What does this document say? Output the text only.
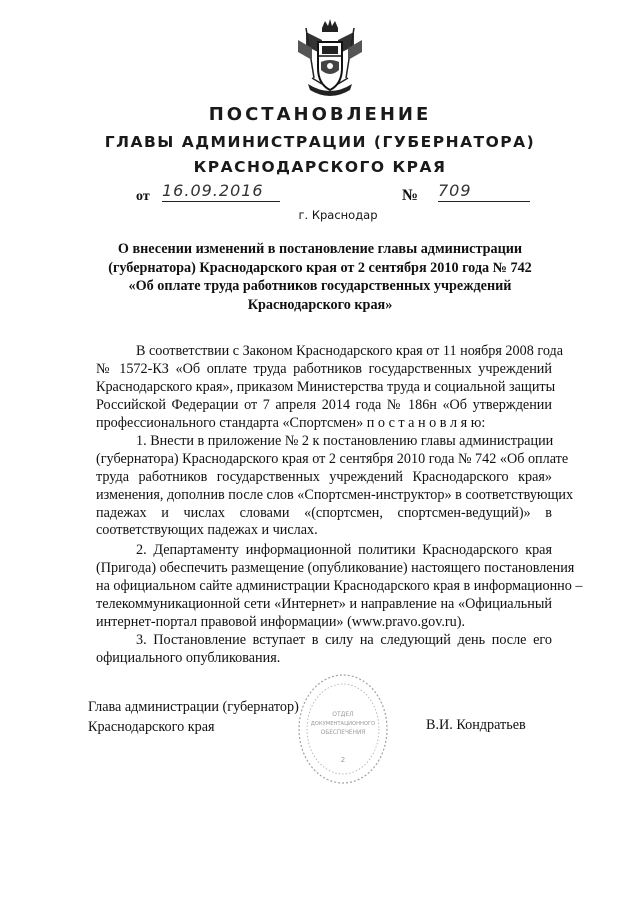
ПОСТАНОВЛЕНИЕ
ГЛАВЫ АДМИНИСТРАЦИИ (ГУБЕРНАТОРА)
КРАСНОДАРСКОГО КРАЯ
от 16.09.2016	№ 709
г. Краснодар
О внесении изменений в постановление главы администрации
(губернатора) Краснодарского края от 2 сентября 2010 года № 742
«Об оплате труда работников государственных учреждений
Краснодарского края»
В соответствии с Законом Краснодарского края от 11 ноября 2008 года
№ 1572-КЗ «Об оплате труда работников государственных учреждений
Краснодарского края», приказом Министерства труда и социальной защиты
Российской Федерации от 7 апреля 2014 года № 186н «Об утверждении
профессионального стандарта «Спортсмен» п о с т а н о в л я ю:
1. Внести в приложение № 2 к постановлению главы администрации
(губернатора) Краснодарского края от 2 сентября 2010 года № 742 «Об оплате
труда работников государственных учреждений Краснодарского края»
изменения, дополнив после слов «Спортсмен-инструктор» в соответствующих
падежах и числах словами «(спортсмен, спортсмен-ведущий)» в
соответствующих падежах и числах.
2. Департаменту информационной политики Краснодарского края
(Пригода) обеспечить размещение (опубликование) настоящего постановления
на официальном сайте администрации Краснодарского края в информационно –
телекоммуникационной сети «Интернет» и направление на «Официальный
интернет-портал правовой информации» (www.pravo.gov.ru).
3. Постановление вступает в силу на следующий день после его
официального опубликования.
ОТДЕЛ
ДОКУМЕНТАЦИОННОГО
ОБЕСПЕЧЕНИЯ
2
Глава администрации (губернатор)
Краснодарского края	В.И. Кондратьев
